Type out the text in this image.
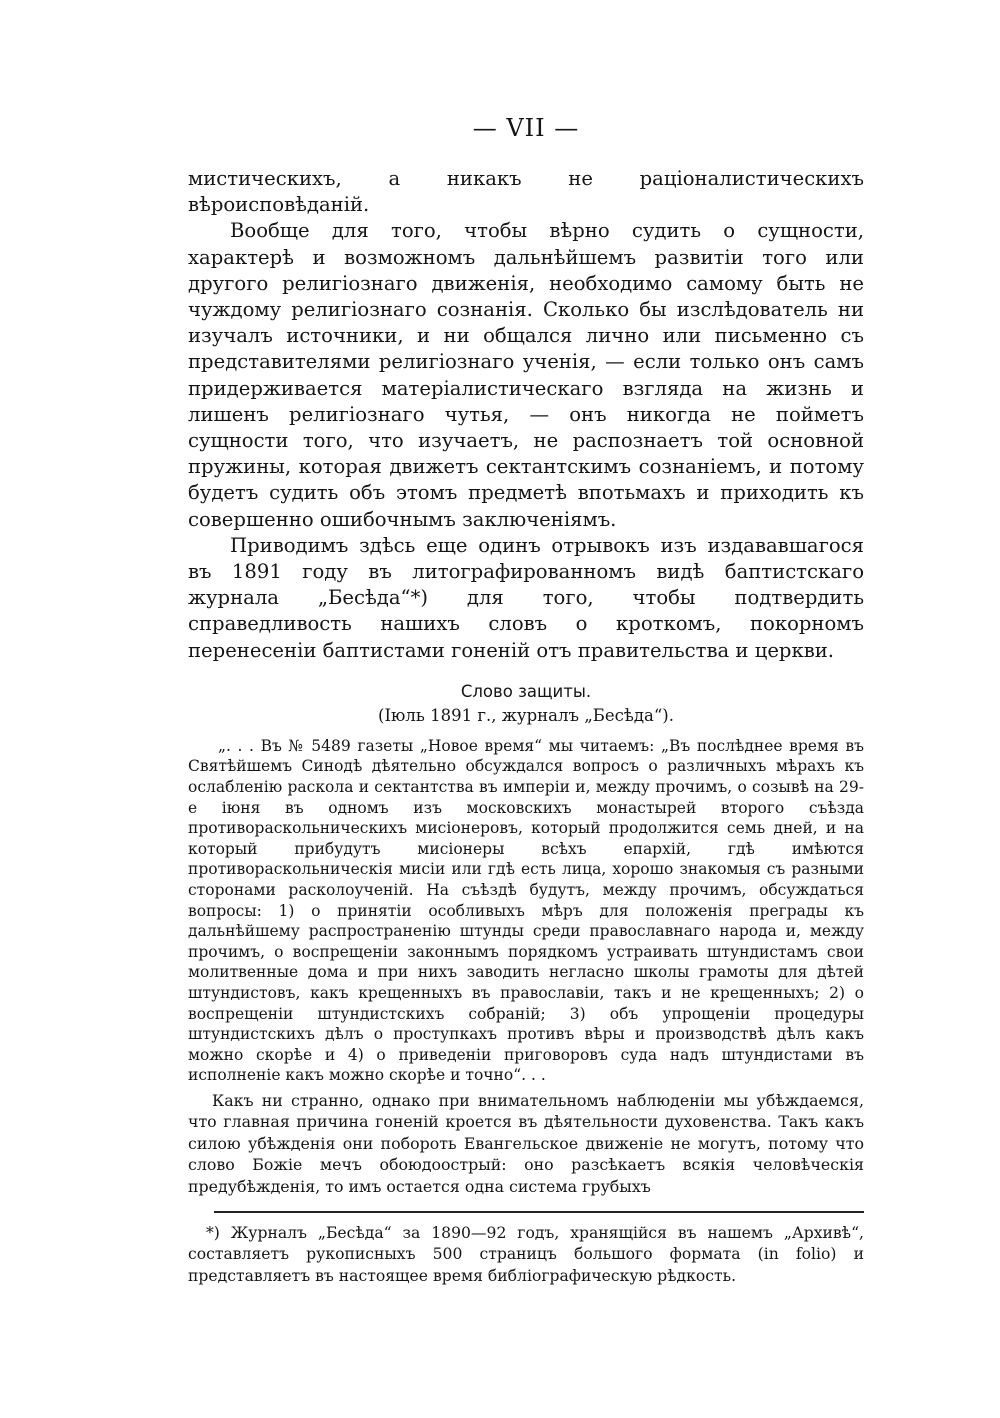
— VII —

мистическихъ, а никакъ не раціоналистическихъ вѣроисповѣданій.

Вообще для того, чтобы вѣрно судить о сущности, характерѣ и возможномъ дальнѣйшемъ развитіи того или другого религіознаго движенія, необходимо самому быть не чуждому религіознаго сознанія. Сколько бы изслѣдователь ни изучалъ источники, и ни общался лично или письменно съ представителями религіознаго ученія, — если только онъ самъ придерживается матеріалистическаго взгляда на жизнь и лишенъ религіознаго чутья, — онъ никогда не пойметъ сущности того, что изучаетъ, не распознаетъ той основной пружины, которая движетъ сектантскимъ сознаніемъ, и потому будетъ судить объ этомъ предметѣ впотьмахъ и приходить къ совершенно ошибочнымъ заключеніямъ.

Приводимъ здѣсь еще одинъ отрывокъ изъ издававшагося въ 1891 году въ литографированномъ видѣ баптистскаго журнала „Бесѣда“*) для того, чтобы подтвердить справедливость нашихъ словъ о кроткомъ, покорномъ перенесеніи баптистами гоненій отъ правительства и церкви.

Слово защиты.
(Іюль 1891 г., журналъ „Бесѣда“).

„. . . Въ № 5489 газеты „Новое время“ мы читаемъ: „Въ послѣднее время въ Святѣйшемъ Синодѣ дѣятельно обсуждался вопросъ о различныхъ мѣрахъ къ ослабленію раскола и сектантства въ имперіи и, между прочимъ, о созывѣ на 29-е іюня въ одномъ изъ московскихъ монастырей второго съѣзда противораскольническихъ мисіонеровъ, который продолжится семь дней, и на который прибудутъ мисіонеры всѣхъ епархій, гдѣ имѣются противораскольническія мисіи или гдѣ есть лица, хорошо знакомыя съ разными сторонами расколоученій. На съѣздѣ будутъ, между прочимъ, обсуждаться вопросы: 1) о принятіи особливыхъ мѣръ для положенія преграды къ дальнѣйшему распространенію штунды среди православнаго народа и, между прочимъ, о воспрещеніи законнымъ порядкомъ устраивать штундистамъ свои молитвенные дома и при нихъ заводить негласно школы грамоты для дѣтей штундистовъ, какъ крещенныхъ въ православіи, такъ и не крещенныхъ; 2) о воспрещеніи штундистскихъ собраній; 3) объ упрощеніи процедуры штундистскихъ дѣлъ о проступкахъ противъ вѣры и производствѣ дѣлъ какъ можно скорѣе и 4) о приведеніи приговоровъ суда надъ штундистами въ исполненіе какъ можно скорѣе и точно“. . .

Какъ ни странно, однако при внимательномъ наблюденіи мы убѣждаемся, что главная причина гоненій кроется въ дѣятельности духовенства. Такъ какъ силою убѣжденія они побороть Евангельское движеніе не могутъ, потому что слово Божіе мечъ обоюдоострый: оно разсѣкаетъ всякія человѣческія предубѣжденія, то имъ остается одна система грубыхъ

*) Журналъ „Бесѣда“ за 1890—92 годъ, хранящійся въ нашемъ „Архивѣ“, составляетъ рукописныхъ 500 страницъ большого формата (in folio) и представляетъ въ настоящее время библіографическую рѣдкость.
